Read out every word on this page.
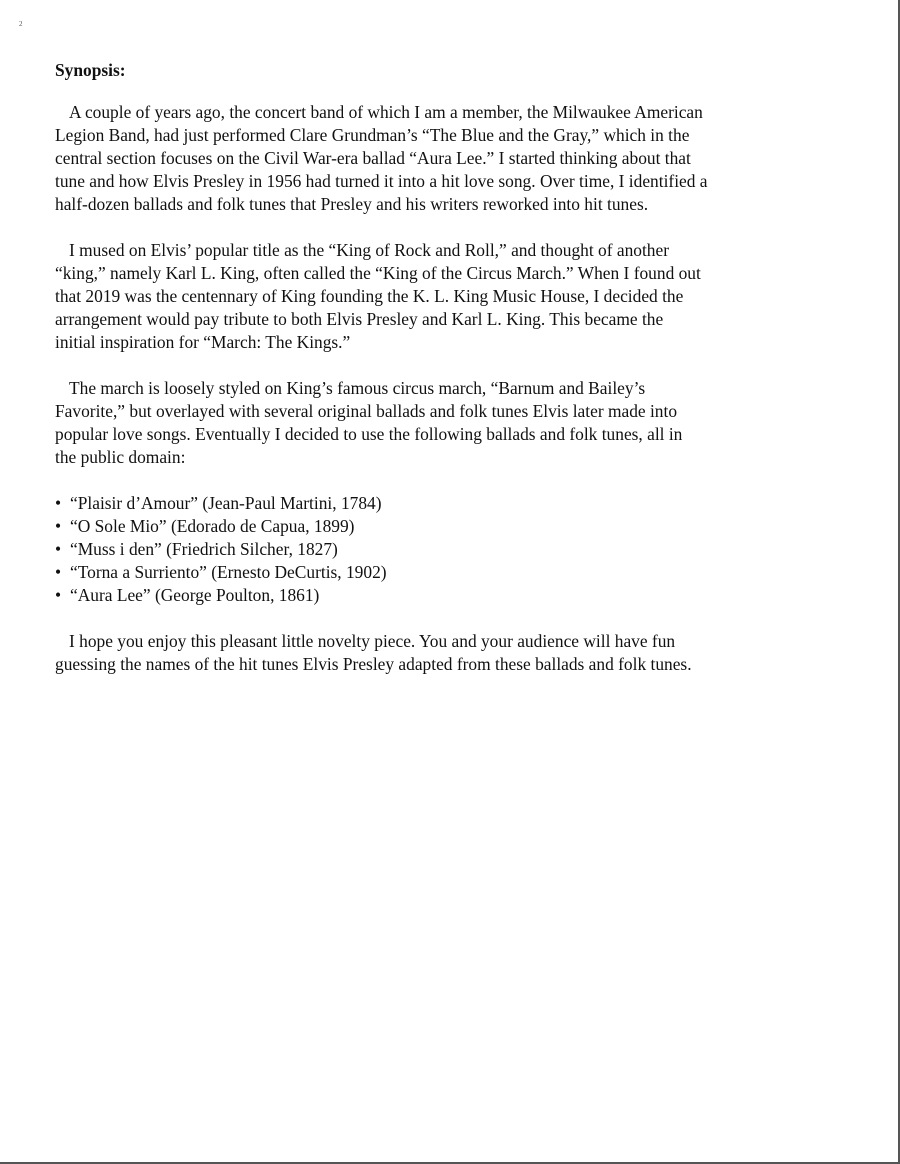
2
Synopsis:

A couple of years ago, the concert band of which I am a member, the Milwaukee American
Legion Band, had just performed Clare Grundman’s “The Blue and the Gray,” which in the
central section focuses on the Civil War-era ballad “Aura Lee.” I started thinking about that
tune and how Elvis Presley in 1956 had turned it into a hit love song. Over time, I identified a
half-dozen ballads and folk tunes that Presley and his writers reworked into hit tunes.

I mused on Elvis’ popular title as the “King of Rock and Roll,” and thought of another
“king,” namely Karl L. King, often called the “King of the Circus March.” When I found out
that 2019 was the centennary of King founding the K. L. King Music House, I decided the
arrangement would pay tribute to both Elvis Presley and Karl L. King. This became the
initial inspiration for “March: The Kings.”

The march is loosely styled on King’s famous circus march, “Barnum and Bailey’s
Favorite,” but overlayed with several original ballads and folk tunes Elvis later made into
popular love songs. Eventually I decided to use the following ballads and folk tunes, all in
the public domain:

• “Plaisir d’Amour” (Jean-Paul Martini, 1784)
• “O Sole Mio” (Edorado de Capua, 1899)
• “Muss i den” (Friedrich Silcher, 1827)
• “Torna a Surriento” (Ernesto DeCurtis, 1902)
• “Aura Lee” (George Poulton, 1861)

I hope you enjoy this pleasant little novelty piece. You and your audience will have fun
guessing the names of the hit tunes Elvis Presley adapted from these ballads and folk tunes.
